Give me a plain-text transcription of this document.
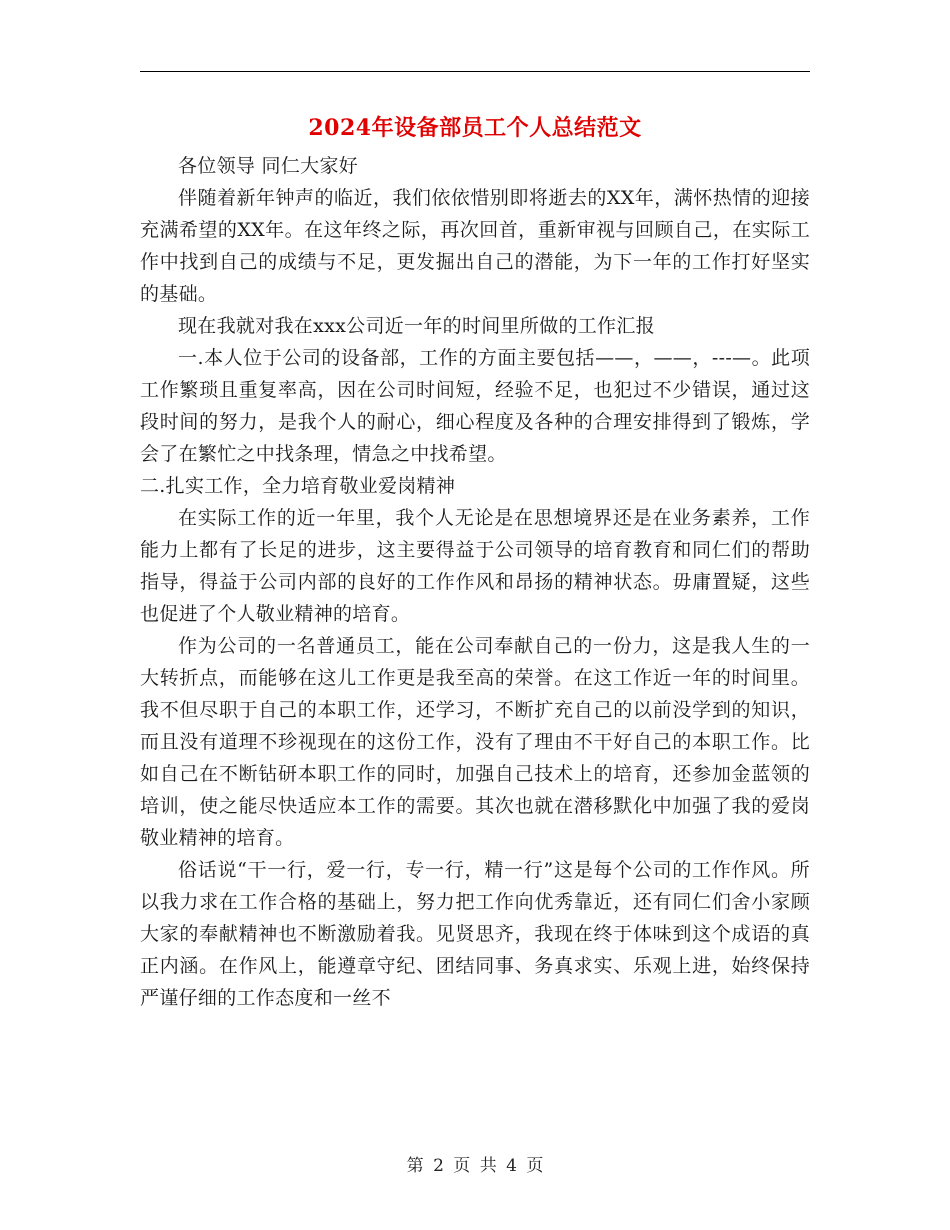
2024年设备部员工个人总结范文

各位领导 同仁大家好

伴随着新年钟声的临近，我们依依惜别即将逝去的XX年，满怀热情的迎接充满希望的XX年。在这年终之际，再次回首，重新审视与回顾自己，在实际工作中找到自己的成绩与不足，更发掘出自己的潜能，为下一年的工作打好坚实的基础。

现在我就对我在xxx公司近一年的时间里所做的工作汇报

一.本人位于公司的设备部，工作的方面主要包括——，——，---—。此项工作繁琐且重复率高，因在公司时间短，经验不足，也犯过不少错误，通过这段时间的努力，是我个人的耐心，细心程度及各种的合理安排得到了锻炼，学会了在繁忙之中找条理，情急之中找希望。

二.扎实工作，全力培育敬业爱岗精神

在实际工作的近一年里，我个人无论是在思想境界还是在业务素养，工作能力上都有了长足的进步，这主要得益于公司领导的培育教育和同仁们的帮助指导，得益于公司内部的良好的工作作风和昂扬的精神状态。毋庸置疑，这些也促进了个人敬业精神的培育。

作为公司的一名普通员工，能在公司奉献自己的一份力，这是我人生的一大转折点，而能够在这儿工作更是我至高的荣誉。在这工作近一年的时间里。我不但尽职于自己的本职工作，还学习，不断扩充自己的以前没学到的知识，而且没有道理不珍视现在的这份工作，没有了理由不干好自己的本职工作。比如自己在不断钻研本职工作的同时，加强自己技术上的培育，还参加金蓝领的培训，使之能尽快适应本工作的需要。其次也就在潜移默化中加强了我的爱岗敬业精神的培育。

俗话说“干一行，爱一行，专一行，精一行”这是每个公司的工作作风。所以我力求在工作合格的基础上，努力把工作向优秀靠近，还有同仁们舍小家顾大家的奉献精神也不断激励着我。见贤思齐，我现在终于体味到这个成语的真正内涵。在作风上，能遵章守纪、团结同事、务真求实、乐观上进，始终保持严谨仔细的工作态度和一丝不

第 2 页 共 4 页
